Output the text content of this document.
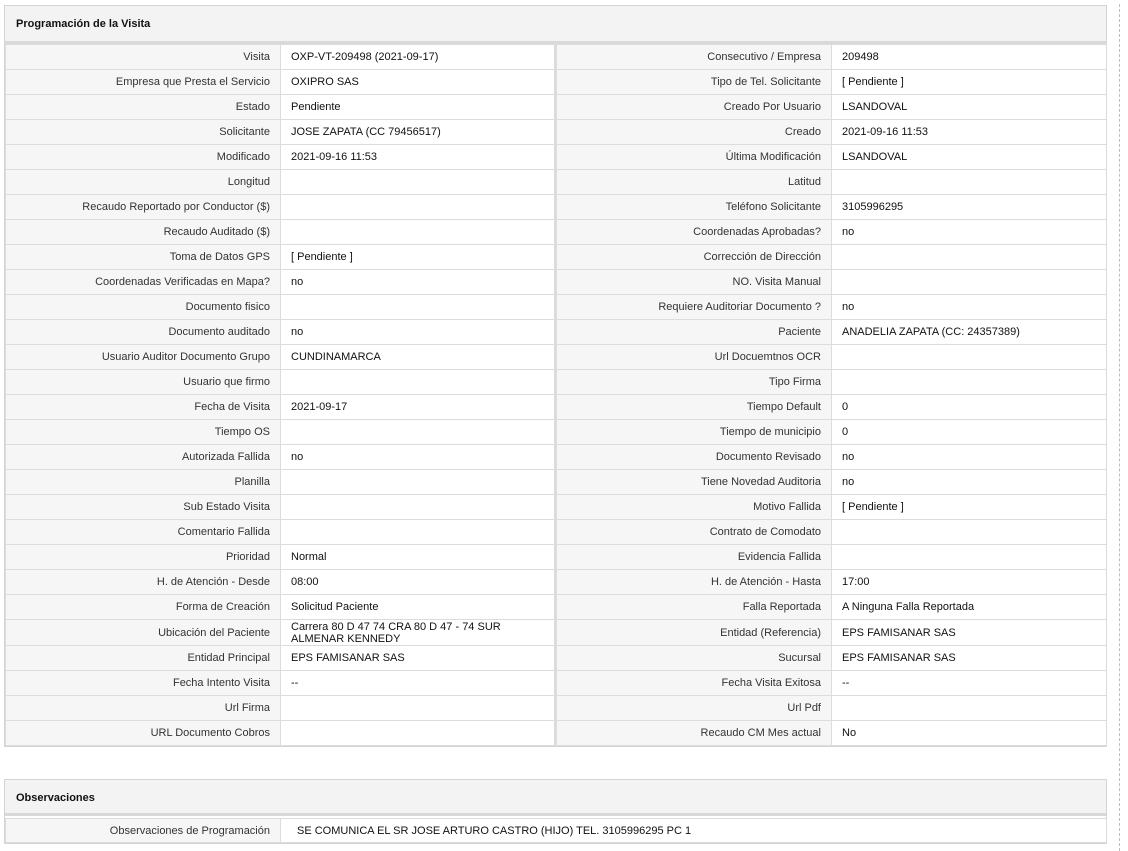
Programación de la Visita
Visita	OXP-VT-209498 (2021-09-17)	Consecutivo / Empresa	209498
Empresa que Presta el Servicio	OXIPRO SAS	Tipo de Tel. Solicitante	[ Pendiente ]
Estado	Pendiente	Creado Por Usuario	LSANDOVAL
Solicitante	JOSE ZAPATA (CC 79456517)	Creado	2021-09-16 11:53
Modificado	2021-09-16 11:53	Última Modificación	LSANDOVAL
Longitud		Latitud	
Recaudo Reportado por Conductor ($)		Teléfono Solicitante	3105996295
Recaudo Auditado ($)		Coordenadas Aprobadas?	no
Toma de Datos GPS	[ Pendiente ]	Corrección de Dirección	
Coordenadas Verificadas en Mapa?	no	NO. Visita Manual	
Documento fisico		Requiere Auditoriar Documento ?	no
Documento auditado	no	Paciente	ANADELIA ZAPATA (CC: 24357389)
Usuario Auditor Documento Grupo	CUNDINAMARCA	Url Docuemtnos OCR	
Usuario que firmo		Tipo Firma	
Fecha de Visita	2021-09-17	Tiempo Default	0
Tiempo OS		Tiempo de municipio	0
Autorizada Fallida	no	Documento Revisado	no
Planilla		Tiene Novedad Auditoria	no
Sub Estado Visita		Motivo Fallida	[ Pendiente ]
Comentario Fallida		Contrato de Comodato	
Prioridad	Normal	Evidencia Fallida	
H. de Atención - Desde	08:00	H. de Atención - Hasta	17:00
Forma de Creación	Solicitud Paciente	Falla Reportada	A Ninguna Falla Reportada
Ubicación del Paciente	Carrera 80 D 47 74 CRA 80 D 47 - 74 SUR ALMENAR KENNEDY	Entidad (Referencia)	EPS FAMISANAR SAS
Entidad Principal	EPS FAMISANAR SAS	Sucursal	EPS FAMISANAR SAS
Fecha Intento Visita	--	Fecha Visita Exitosa	--
Url Firma		Url Pdf	
URL Documento Cobros		Recaudo CM Mes actual	No
Observaciones
Observaciones de Programación	SE COMUNICA EL SR JOSE ARTURO CASTRO (HIJO) TEL. 3105996295 PC 1
